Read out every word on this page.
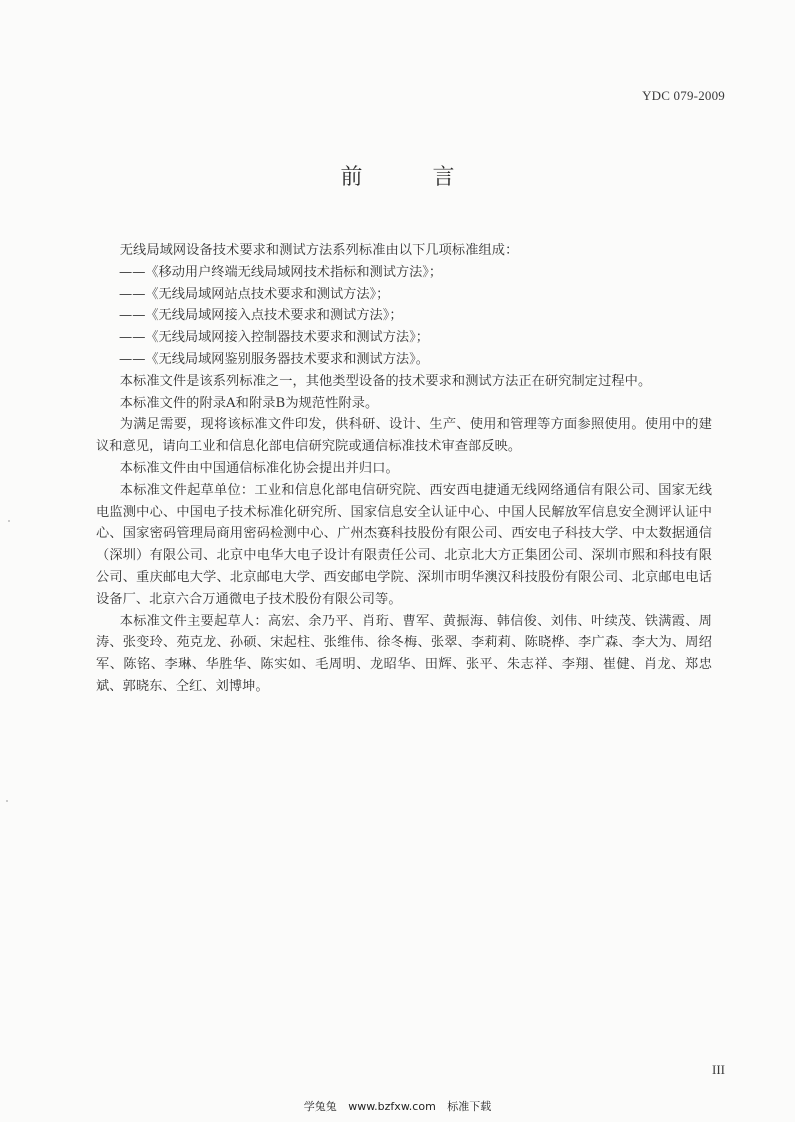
YDC 079-2009
前　言

无线局域网设备技术要求和测试方法系列标准由以下几项标准组成：

——《移动用户终端无线局域网技术指标和测试方法》；
——《无线局域网站点技术要求和测试方法》；
——《无线局域网接入点技术要求和测试方法》；
——《无线局域网接入控制器技术要求和测试方法》；
——《无线局域网鉴别服务器技术要求和测试方法》。

本标准文件是该系列标准之一，其他类型设备的技术要求和测试方法正在研究制定过程中。

本标准文件的附录A和附录B为规范性附录。

为满足需要，现将该标准文件印发，供科研、设计、生产、使用和管理等方面参照使用。使用中的建议和意见，请向工业和信息化部电信研究院或通信标准技术审查部反映。

本标准文件由中国通信标准化协会提出并归口。

本标准文件起草单位：工业和信息化部电信研究院、西安西电捷通无线网络通信有限公司、国家无线电监测中心、中国电子技术标准化研究所、国家信息安全认证中心、中国人民解放军信息安全测评认证中心、国家密码管理局商用密码检测中心、广州杰赛科技股份有限公司、西安电子科技大学、中太数据通信（深圳）有限公司、北京中电华大电子设计有限责任公司、北京北大方正集团公司、深圳市熙和科技有限公司、重庆邮电大学、北京邮电大学、西安邮电学院、深圳市明华澳汉科技股份有限公司、北京邮电电话设备厂、北京六合万通微电子技术股份有限公司等。

本标准文件主要起草人：高宏、余乃平、肖珩、曹军、黄振海、韩信俊、刘伟、叶续茂、铁满霞、周涛、张变玲、苑克龙、孙硕、宋起柱、张维伟、徐冬梅、张翠、李莉莉、陈晓桦、李广森、李大为、周绍军、陈铭、李琳、华胜华、陈实如、毛周明、龙昭华、田辉、张平、朱志祥、李翔、崔健、肖龙、郑忠斌、郭晓东、仝红、刘博坤。

III
学兔兔 www.bzfxw.com 标准下载
